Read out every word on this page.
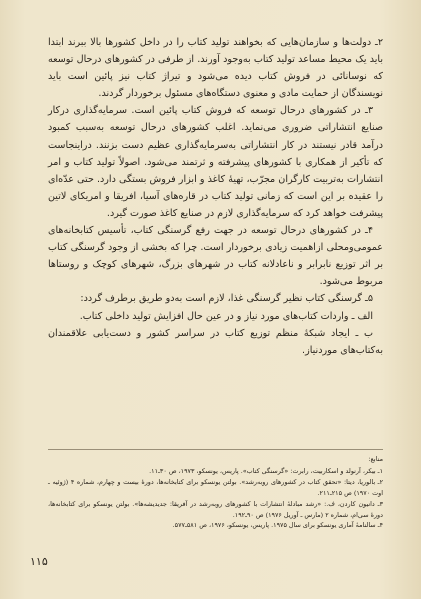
۲ـ دولت‌ها و سازمان‌هایی که بخواهند تولید کتاب را در داخل کشورها بالا ببرند ابتدا باید یک محیط مساعد تولید کتاب به‌وجود آورند. از طرفی در کشورهای درحال توسعه که نوسانائی در فروش کتاب دیده می‌شود و تیراژ کتاب نیز پائین است باید نویسندگان از حمایت مادی و معنوی دستگاه‌های مسئول برخوردار گردند.

۳ـ در کشورهای درحال توسعه که فروش کتاب پائین است. سرمایه‌گذاری درکار صنایع انتشاراتی ضروری می‌نماید. اغلب کشورهای درحال توسعه به‌سبب کمبود درآمد قادر نیستند در کار انتشاراتی به‌سرمایه‌گذاری عظیم دست بزنند. دراینجاست که تأکیر از همکاری با کشورهای پیشرفته و ثرتمند می‌شود. اصولاً تولید کتاب و امر انتشارات به‌تربیت کارگران مجرّب، تهیهٔ کاغذ و ابزار فروش بستگی دارد. حتی عدّه‌ای را عقیده بر این است که زمانی تولید کتاب در قاره‌های آسیا، افریقا و امریکای لاتین پیشرفت خواهد کرد که سرمایه‌گذاری لازم در صنایع کاغذ صورت گیرد.

۴ـ در کشورهای درحال توسعه در جهت رفع گرسنگی کتاب، تأسیس کتابخانه‌های عمومی‌ومحلی ازاهمیت زیادی برخوردار است. چرا که بخشی از وجود گرسنگی کتاب بر اثر توزیع نابرابر و ناعادلانه کتاب در شهرهای بزرگ، شهرهای کوچک و روستاها مربوط می‌شود.

۵ـ گرسنگی کتاب نظیر گرسنگی غذا، لازم است به‌دو طریق برطرف گردد:

الف ـ واردات کتاب‌های مورد نیاز و در عین حال افزایش تولید داخلی کتاب.

ب ـ ایجاد شبکهٔ منظم توزیع کتاب در سراسر کشور و دست‌یابی علاقمندان به‌کتاب‌های موردنیاز.

منابع:

۱ـ بیکر، آرنولد و اسکاربیت، رابرت: «گرسنگی کتاب». پاریس، یونسکو، ۱۹۷۳، ص ۳۰ـ۱۱.

۲ـ بالوریا، دیتا: «تحقق کتاب در کشورهای روبه‌رشد». بولتن یونسکو برای کتابخانه‌ها، دورهٔ بیست و چهارم، شماره ۴ (ژوئیه ـ اوت ۱۹۷۰) ص ۲۱۵ـ۲۱۱.

۳ـ دانیون کاردن، ف.: «رشد مبادلهٔ انتشارات با کشورهای روبه‌رشد در آفریقا: جدیدیشه‌ها». بولتن یونسکو برای کتابخانه‌ها، دورهٔ سی‌ام، شماره ۲ (مارس ـ آوریل ۱۹۷۶) ص ۹۰ـ۱۹۲.

۴ـ سالنامهٔ آماری یونسکو برای سال ۱۹۷۵. پاریس، یونسکو، ۱۹۷۶، ص ۵۸۱ـ۵۷۷.

۱۱۵
